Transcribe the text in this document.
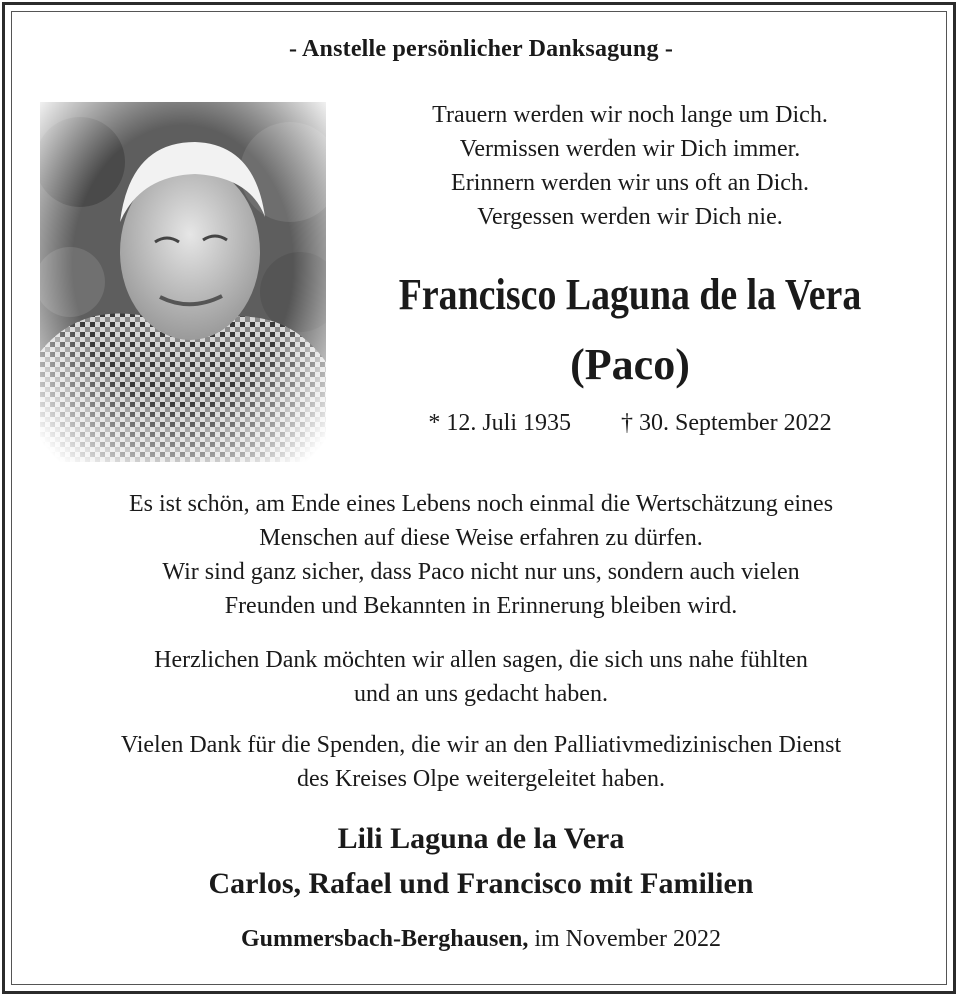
- Anstelle persönlicher Danksagung -
Trauern werden wir noch lange um Dich.
Vermissen werden wir Dich immer.
Erinnern werden wir uns oft an Dich.
Vergessen werden wir Dich nie.
Francisco Laguna de la Vera
(Paco)
* 12. Juli 1935 † 30. September 2022
Es ist schön, am Ende eines Lebens noch einmal die Wertschätzung eines
Menschen auf diese Weise erfahren zu dürfen.
Wir sind ganz sicher, dass Paco nicht nur uns, sondern auch vielen
Freunden und Bekannten in Erinnerung bleiben wird.
Herzlichen Dank möchten wir allen sagen, die sich uns nahe fühlten
und an uns gedacht haben.
Vielen Dank für die Spenden, die wir an den Palliativmedizinischen Dienst
des Kreises Olpe weitergeleitet haben.
Lili Laguna de la Vera
Carlos, Rafael und Francisco mit Familien
Gummersbach-Berghausen, im November 2022
